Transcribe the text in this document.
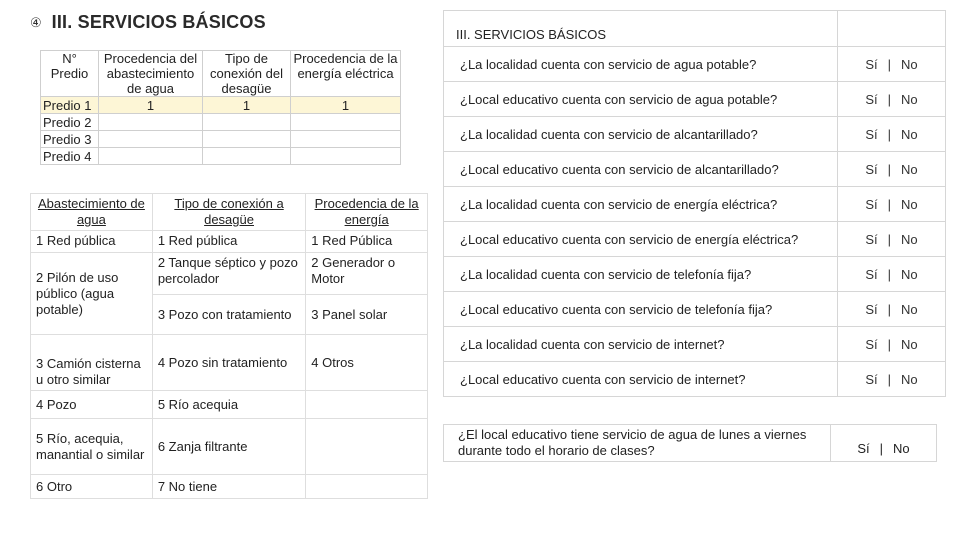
④ III. SERVICIOS BÁSICOS
N° Predio	Procedencia del abastecimiento de agua	Tipo de conexión del desagüe	Procedencia de la energía eléctrica
Predio 1	1	1	1
Predio 2			
Predio 3			
Predio 4			
Abastecimiento de agua	Tipo de conexión a desagüe	Procedencia de la energía
1 Red pública	1 Red pública	1 Red Pública
2 Pilón de uso público (agua potable)	2 Tanque séptico y pozo percolador	2 Generador o Motor
	3 Pozo con tratamiento	3 Panel solar
3 Camión cisterna u otro similar	4 Pozo sin tratamiento	4 Otros
4 Pozo	5 Río acequia	
5 Río, acequia, manantial o similar	6 Zanja filtrante	
6 Otro	7 No tiene	
III. SERVICIOS BÁSICOS	
¿La localidad cuenta con servicio de agua potable?	Sí | No
¿Local educativo cuenta con servicio de agua potable?	Sí | No
¿La localidad cuenta con servicio de alcantarillado?	Sí | No
¿Local educativo cuenta con servicio de alcantarillado?	Sí | No
¿La localidad cuenta con servicio de energía eléctrica?	Sí | No
¿Local educativo cuenta con servicio de energía eléctrica?	Sí | No
¿La localidad cuenta con servicio de telefonía fija?	Sí | No
¿Local educativo cuenta con servicio de telefonía fija?	Sí | No
¿La localidad cuenta con servicio de internet?	Sí | No
¿Local educativo cuenta con servicio de internet?	Sí | No
¿El local educativo tiene servicio de agua de lunes a viernes durante todo el horario de clases?	Sí | No
